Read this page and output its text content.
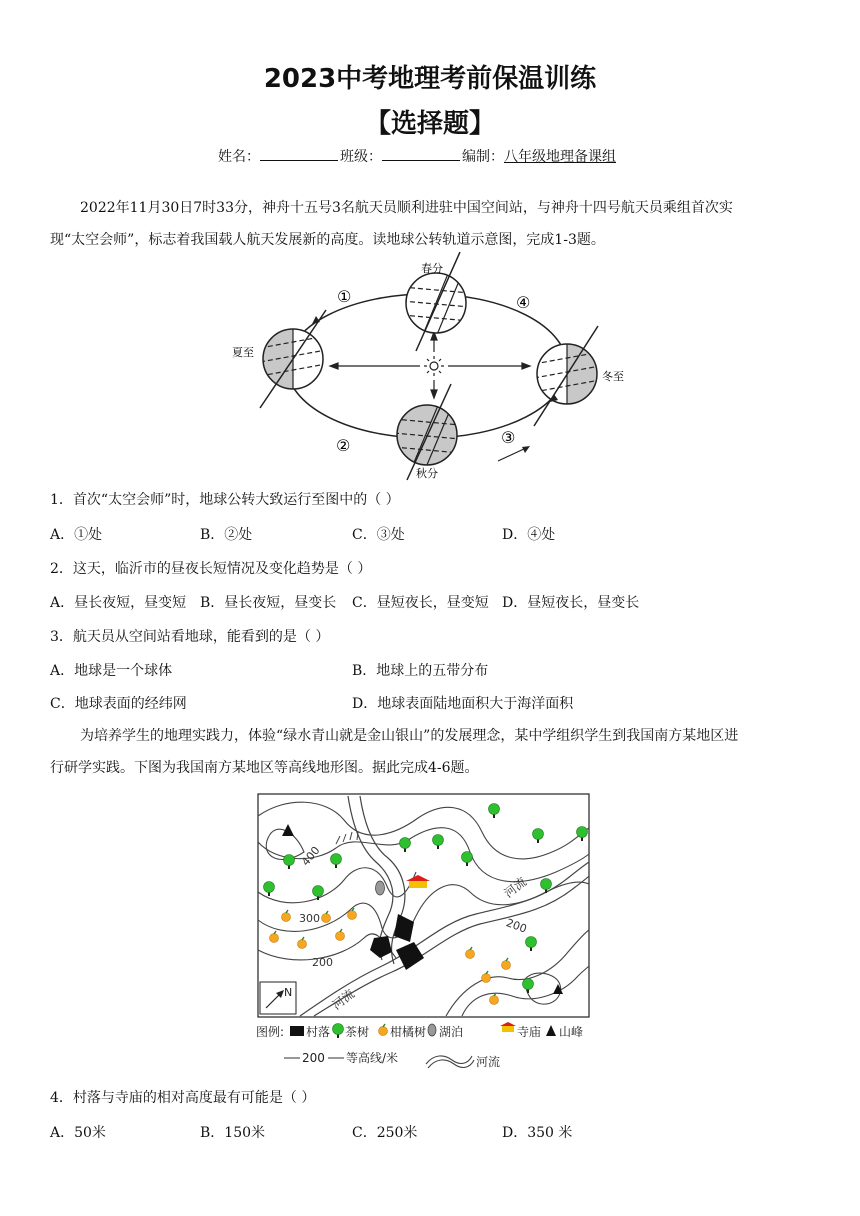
2023中考地理考前保温训练
【选择题】
姓名：	班级：	编制：八年级地理备课组
2022年11月30日7时33分，神舟十五号3名航天员顺利进驻中国空间站，与神舟十四号航天员乘组首次实
现“太空会师”，标志着我国载人航天发展新的高度。读地球公转轨道示意图，完成1-3题。
春分
夏至
秋分
冬至
①	④
②	③
1．首次“太空会师”时，地球公转大致运行至图中的（ ）
A．①处	B．②处	C．③处	D．④处
2．这天，临沂市的昼夜长短情况及变化趋势是（ ）
A．昼长夜短，昼变短 B．昼长夜短，昼变长 C．昼短夜长，昼变短 D．昼短夜长，昼变长
3．航天员从空间站看地球，能看到的是（ ）
A．地球是一个球体	B．地球上的五带分布
C．地球表面的经纬网	D．地球表面陆地面积大于海洋面积
为培养学生的地理实践力，体验“绿水青山就是金山银山”的发展理念，某中学组织学生到我国南方某地区进
行研学实践。下图为我国南方某地区等高线地形图。据此完成4-6题。
400
300
200
200
河流
河流
N
图例: 村落 茶树 柑橘树 湖泊	寺庙 山峰
200 等高线/米	河流
4．村落与寺庙的相对高度最有可能是（ ）
A．50米	B．150米	C．250米	D．350 米
